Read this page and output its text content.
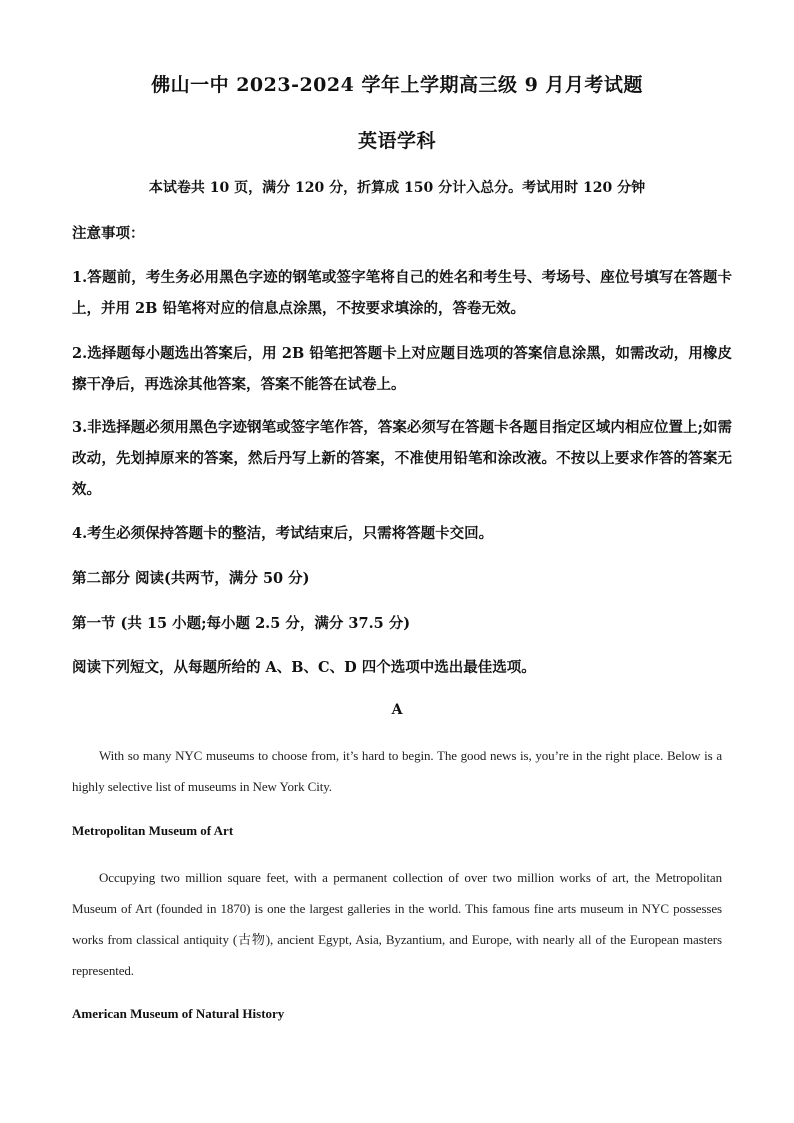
佛山一中 2023-2024 学年上学期高三级 9 月月考试题
英语学科
本试卷共 10 页，满分 120 分，折算成 150 分计入总分。考试用时 120 分钟
注意事项：
1.答题前，考生务必用黑色字迹的钢笔或签字笔将自己的姓名和考生号、考场号、座位号填写在答题卡上，并用 2B 铅笔将对应的信息点涂黑，不按要求填涂的，答卷无效。
2.选择题每小题选出答案后，用 2B 铅笔把答题卡上对应题目选项的答案信息涂黑，如需改动，用橡皮擦干净后，再选涂其他答案，答案不能答在试卷上。
3.非选择题必须用黑色字迹钢笔或签字笔作答，答案必须写在答题卡各题目指定区域内相应位置上;如需改动，先划掉原来的答案，然后丹写上新的答案，不准使用铅笔和涂改液。不按以上要求作答的答案无效。
4.考生必须保持答题卡的整洁，考试结束后，只需将答题卡交回。
第二部分 阅读(共两节，满分 50 分)
第一节 (共 15 小题;每小题 2.5 分，满分 37.5 分)
阅读下列短文，从每题所给的 A、B、C、D 四个选项中选出最佳选项。
A
With so many NYC museums to choose from, it’s hard to begin. The good news is, you’re in the right place. Below is a highly selective list of museums in New York City.
Metropolitan Museum of Art
Occupying two million square feet, with a permanent collection of over two million works of art, the Metropolitan Museum of Art (founded in 1870) is one the largest galleries in the world. This famous fine arts museum in NYC possesses works from classical antiquity (古物), ancient Egypt, Asia, Byzantium, and Europe, with nearly all of the European masters represented.
American Museum of Natural History
